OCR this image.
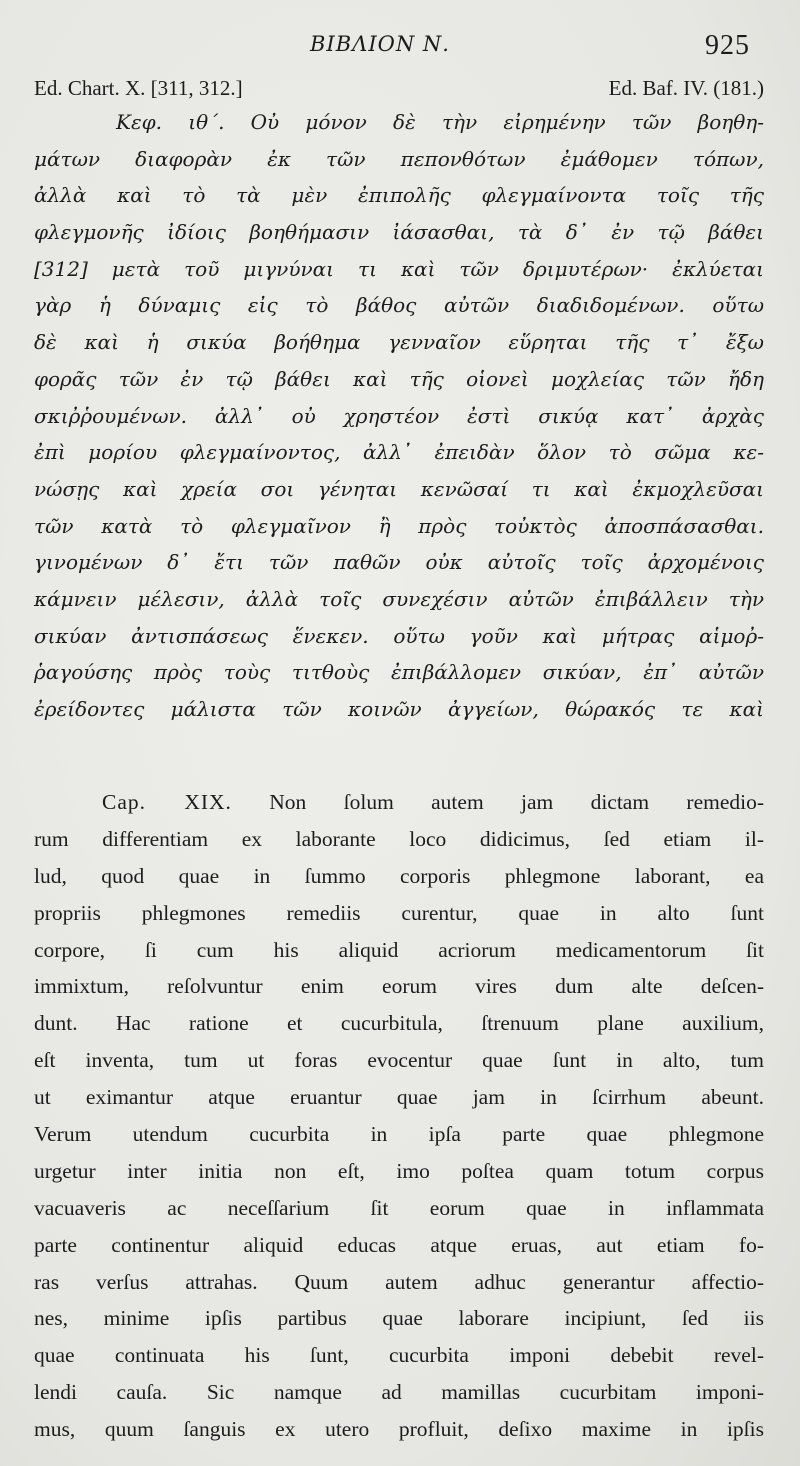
BIBΛΙΟΝ Ν.	925
Ed. Chart. X. [311, 312.]	Ed. Baf. IV. (181.)
Κεφ. ιθ΄. Οὐ μόνον δὲ τὴν εἰρημένην τῶν βοηθη-
μάτων διαφορὰν ἐκ τῶν πεπονθότων ἐμάθομεν τόπων,
ἀλλὰ καὶ τὸ τὰ μὲν ἐπιπολῆς φλεγμαίνοντα τοῖς τῆς
φλεγμονῆς ἰδίοις βοηθήμασιν ἰάσασθαι, τὰ δ᾽ ἐν τῷ βάθει
[312] μετὰ τοῦ μιγνύναι τι καὶ τῶν δριμυτέρων· ἐκλύεται
γὰρ ἡ δύναμις εἰς τὸ βάθος αὐτῶν διαδιδομένων. οὕτω
δὲ καὶ ἡ σικύα βοήθημα γενναῖον εὕρηται τῆς τ᾽ ἔξω
φορᾶς τῶν ἐν τῷ βάθει καὶ τῆς οἱονεὶ μοχλείας τῶν ἤδη
σκιῤῥουμένων. ἀλλ᾽ οὐ χρηστέον ἐστὶ σικύᾳ κατ᾽ ἀρχὰς
ἐπὶ μορίου φλεγμαίνοντος, ἀλλ᾽ ἐπειδὰν ὅλον τὸ σῶμα κε-
νώσῃς καὶ χρεία σοι γένηται κενῶσαί τι καὶ ἐκμοχλεῦσαι
τῶν κατὰ τὸ φλεγμαῖνον ἢ πρὸς τοὐκτὸς ἀποσπάσασθαι.
γινομένων δ᾽ ἔτι τῶν παθῶν οὐκ αὐτοῖς τοῖς ἀρχομένοις
κάμνειν μέλεσιν, ἀλλὰ τοῖς συνεχέσιν αὐτῶν ἐπιβάλλειν τὴν
σικύαν ἀντισπάσεως ἕνεκεν. οὕτω γοῦν καὶ μήτρας αἱμοῤ-
ῥαγούσης πρὸς τοὺς τιτθοὺς ἐπιβάλλομεν σικύαν, ἐπ᾽ αὐτῶν
ἐρείδοντες μάλιστα τῶν κοινῶν ἀγγείων, θώρακός τε καὶ
Cap. XIX. Non ſolum autem jam dictam remedio-
rum differentiam ex laborante loco didicimus, ſed etiam il-
lud, quod quae in ſummo corporis phlegmone laborant, ea
propriis phlegmones remediis curentur, quae in alto ſunt
corpore, ſi cum his aliquid acriorum medicamentorum ſit
immixtum, reſolvuntur enim eorum vires dum alte deſcen-
dunt. Hac ratione et cucurbitula, ſtrenuum plane auxilium,
eſt inventa, tum ut foras evocentur quae ſunt in alto, tum
ut eximantur atque eruantur quae jam in ſcirrhum abeunt.
Verum utendum cucurbita in ipſa parte quae phlegmone
urgetur inter initia non eſt, imo poſtea quam totum corpus
vacuaveris ac neceſſarium ſit eorum quae in inflammata
parte continentur aliquid educas atque eruas, aut etiam fo-
ras verſus attrahas. Quum autem adhuc generantur affectio-
nes, minime ipſis partibus quae laborare incipiunt, ſed iis
quae continuata his ſunt, cucurbita imponi debebit revel-
lendi cauſa. Sic namque ad mamillas cucurbitam imponi-
mus, quum ſanguis ex utero profluit, deſixo maxime in ipſis
